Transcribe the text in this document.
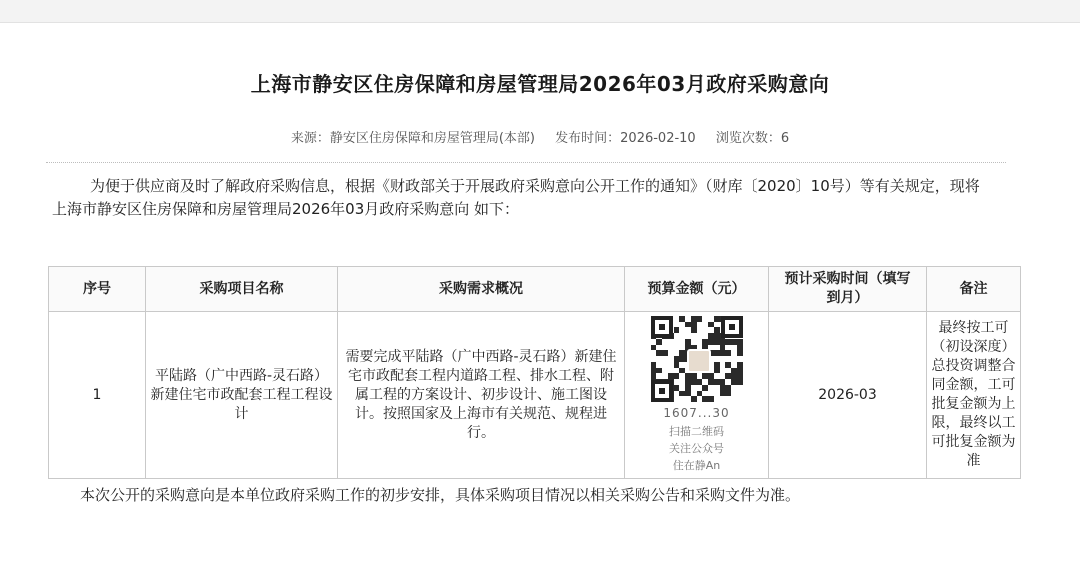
上海市静安区住房保障和房屋管理局2026年03月政府采购意向
来源：静安区住房保障和房屋管理局(本部) 发布时间：2026-02-10 浏览次数：6
为便于供应商及时了解政府采购信息，根据《财政部关于开展政府采购意向公开工作的通知》（财库〔2020〕10号）等有关规定，现将 上海市静安区住房保障和房屋管理局2026年03月政府采购意向 如下：
序号	采购项目名称	采购需求概况	预算金额（元）	预计采购时间（填写到月）	备注
1	平陆路（广中西路-灵石路）新建住宅市政配套工程工程设计	需要完成平陆路（广中西路-灵石路）新建住宅市政配套工程内道路工程、排水工程、附属工程的方案设计、初步设计、施工图设计。按照国家及上海市有关规范、规程进行。	1607...30
扫描二维码
关注公众号
住在静An	2026-03	最终按工可（初设深度）总投资调整合同金额，工可批复金额为上限，最终以工可批复金额为准
本次公开的采购意向是本单位政府采购工作的初步安排，具体采购项目情况以相关采购公告和采购文件为准。
